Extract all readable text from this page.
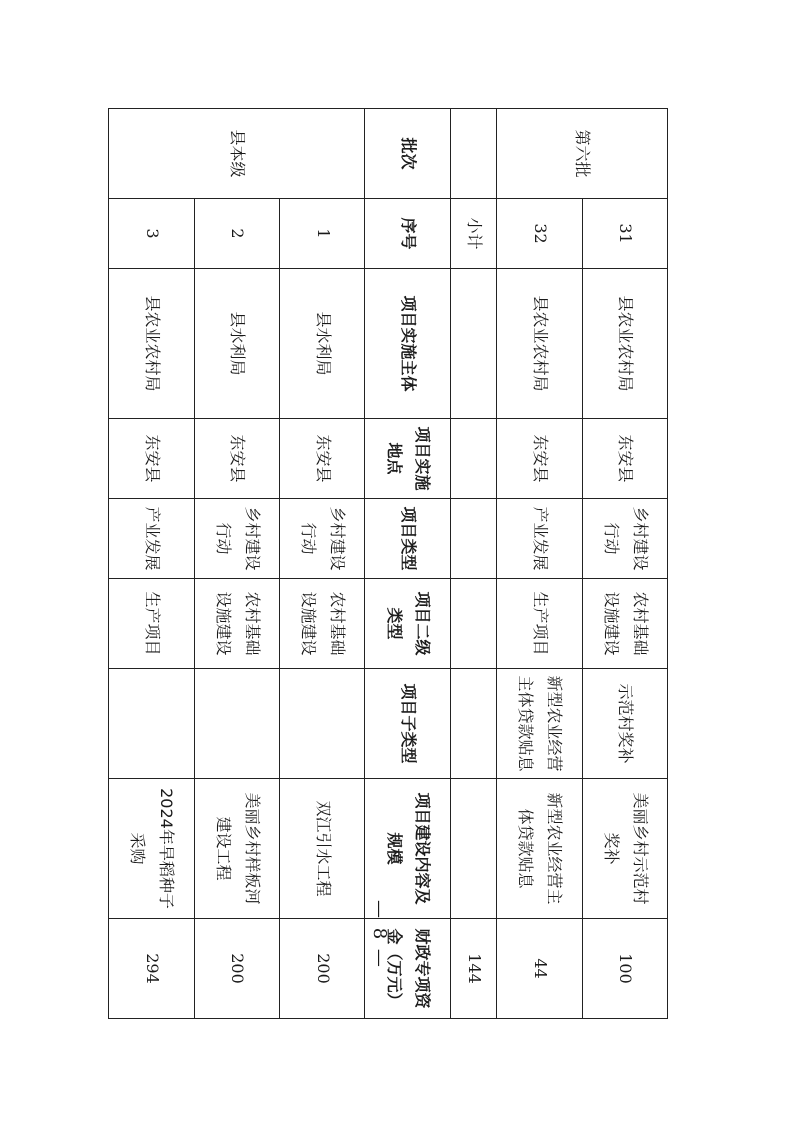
— 8 —
第六批	31	县农业农村局	东安县	乡村建设行动	农村基础设施建设	示范村奖补	美丽乡村示范村奖补	100
	32	县农业农村局	东安县	产业发展	生产项目	新型农业经营主体贷款贴息	新型农业经营主体贷款贴息	44
	小计							144
批次	序号	项目实施主体	项目实施地点	项目类型	项目二级类型	项目子类型	项目建设内容及规模	财政专项资金（万元）
县本级	1	县水利局	东安县	乡村建设行动	农村基础设施建设		双江引水工程	200
	2	县水利局	东安县	乡村建设行动	农村基础设施建设		美丽乡村样板河建设工程	200
	3	县农业农村局	东安县	产业发展	生产项目		2024年早稻种子采购	294
